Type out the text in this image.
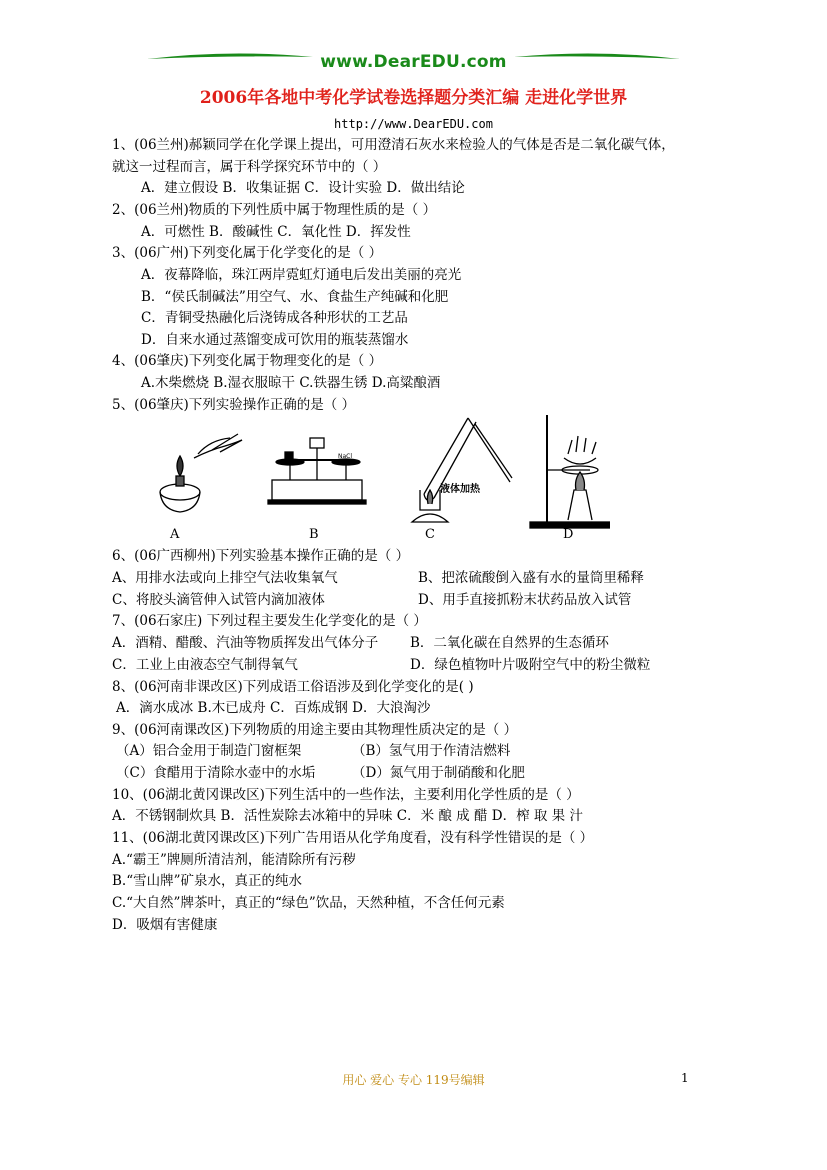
www.DearEDU.com
2006年各地中考化学试卷选择题分类汇编 走进化学世界
http://www.DearEDU.com
1、(06兰州)郝颖同学在化学课上提出，可用澄清石灰水来检验人的气体是否是二氧化碳气体，
就这一过程而言，属于科学探究环节中的（ ）
A．建立假设 B．收集证据 C．设计实验 D．做出结论
2、(06兰州)物质的下列性质中属于物理性质的是（ ）
A．可燃性 B．酸碱性 C．氧化性 D．挥发性
3、(06广州)下列变化属于化学变化的是（ ）
A．夜幕降临，珠江两岸霓虹灯通电后发出美丽的亮光
B．“侯氏制碱法”用空气、水、食盐生产纯碱和化肥
C．青铜受热融化后浇铸成各种形状的工艺品
D．自来水通过蒸馏变成可饮用的瓶装蒸馏水
4、(06肇庆)下列变化属于物理变化的是（ ）
A.木柴燃烧 B.湿衣服晾干 C.铁器生锈 D.高粱酿酒
5、(06肇庆)下列实验操作正确的是（ ）
NaCl
液体加热
A	B	C	D
6、(06广西柳州)下列实验基本操作正确的是（ ）
A、用排水法或向上排空气法收集氧气	B、把浓硫酸倒入盛有水的量筒里稀释
C、将胶头滴管伸入试管内滴加液体	D、用手直接抓粉末状药品放入试管
7、(06石家庄) 下列过程主要发生化学变化的是（ ）
A．酒精、醋酸、汽油等物质挥发出气体分子 B．二氧化碳在自然界的生态循环
C．工业上由液态空气制得氧气	D．绿色植物叶片吸附空气中的粉尘微粒
8、(06河南非课改区)下列成语工俗语涉及到化学变化的是( )
A．滴水成冰 B.木已成舟 C．百炼成钢 D．大浪淘沙
9、(06河南课改区)下列物质的用途主要由其物理性质决定的是（ ）
（A）铝合金用于制造门窗框架	（B）氢气用于作清洁燃料
（C）食醋用于清除水壶中的水垢	（D）氮气用于制硝酸和化肥
10、(06湖北黄冈课改区)下列生活中的一些作法，主要利用化学性质的是（ ）
A．不锈钢制炊具 B．活性炭除去冰箱中的异味 C．米 酿 成 醋 D．榨 取 果 汁
11、(06湖北黄冈课改区)下列广告用语从化学角度看，没有科学性错误的是（ ）
A.“霸王”牌厕所清洁剂，能清除所有污秽
B.“雪山牌”矿泉水，真正的纯水
C.“大自然”牌茶叶，真正的“绿色”饮品，天然种植，不含任何元素
D．吸烟有害健康
用心 爱心 专心 119号编辑	1
